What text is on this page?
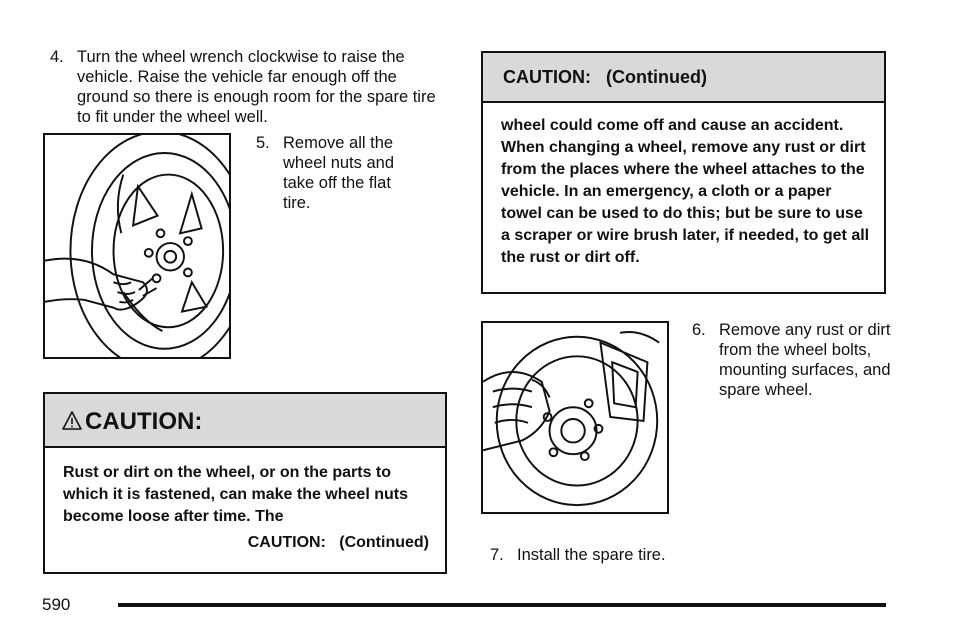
4. Turn the wheel wrench clockwise to raise the vehicle. Raise the vehicle far enough off the ground so there is enough room for the spare tire to fit under the wheel well.
5. Remove all the wheel nuts and take off the flat tire.
CAUTION:
Rust or dirt on the wheel, or on the parts to which it is fastened, can make the wheel nuts become loose after time. The
CAUTION:   (Continued)
CAUTION:   (Continued)
wheel could come off and cause an accident. When changing a wheel, remove any rust or dirt from the places where the wheel attaches to the vehicle. In an emergency, a cloth or a paper towel can be used to do this; but be sure to use a scraper or wire brush later, if needed, to get all the rust or dirt off.
6. Remove any rust or dirt from the wheel bolts, mounting surfaces, and spare wheel.
7. Install the spare tire.
590
